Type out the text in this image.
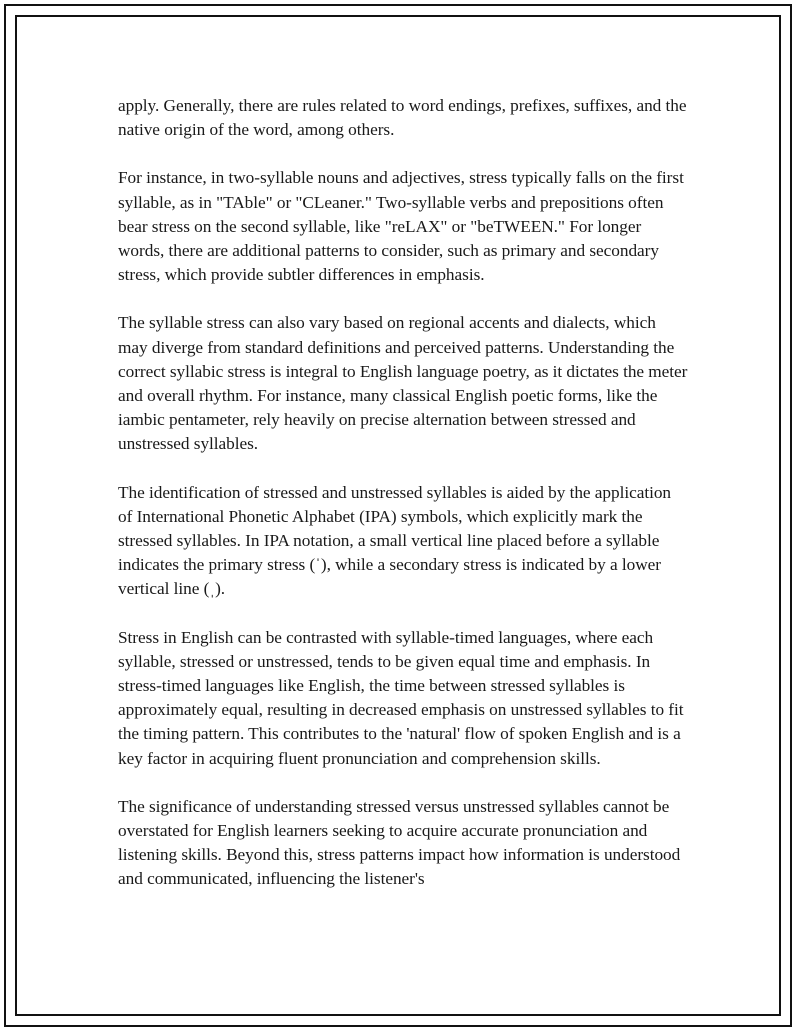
apply. Generally, there are rules related to word endings, prefixes, suffixes, and the native origin of the word, among others.

For instance, in two-syllable nouns and adjectives, stress typically falls on the first syllable, as in "TAble" or "CLeaner." Two-syllable verbs and prepositions often bear stress on the second syllable, like "reLAX" or "beTWEEN." For longer words, there are additional patterns to consider, such as primary and secondary stress, which provide subtler differences in emphasis.

The syllable stress can also vary based on regional accents and dialects, which may diverge from standard definitions and perceived patterns. Understanding the correct syllabic stress is integral to English language poetry, as it dictates the meter and overall rhythm. For instance, many classical English poetic forms, like the iambic pentameter, rely heavily on precise alternation between stressed and unstressed syllables.

The identification of stressed and unstressed syllables is aided by the application of International Phonetic Alphabet (IPA) symbols, which explicitly mark the stressed syllables. In IPA notation, a small vertical line placed before a syllable indicates the primary stress (ˈ), while a secondary stress is indicated by a lower vertical line (ˌ).

Stress in English can be contrasted with syllable-timed languages, where each syllable, stressed or unstressed, tends to be given equal time and emphasis. In stress-timed languages like English, the time between stressed syllables is approximately equal, resulting in decreased emphasis on unstressed syllables to fit the timing pattern. This contributes to the 'natural' flow of spoken English and is a key factor in acquiring fluent pronunciation and comprehension skills.

The significance of understanding stressed versus unstressed syllables cannot be overstated for English learners seeking to acquire accurate pronunciation and listening skills. Beyond this, stress patterns impact how information is understood and communicated, influencing the listener's
